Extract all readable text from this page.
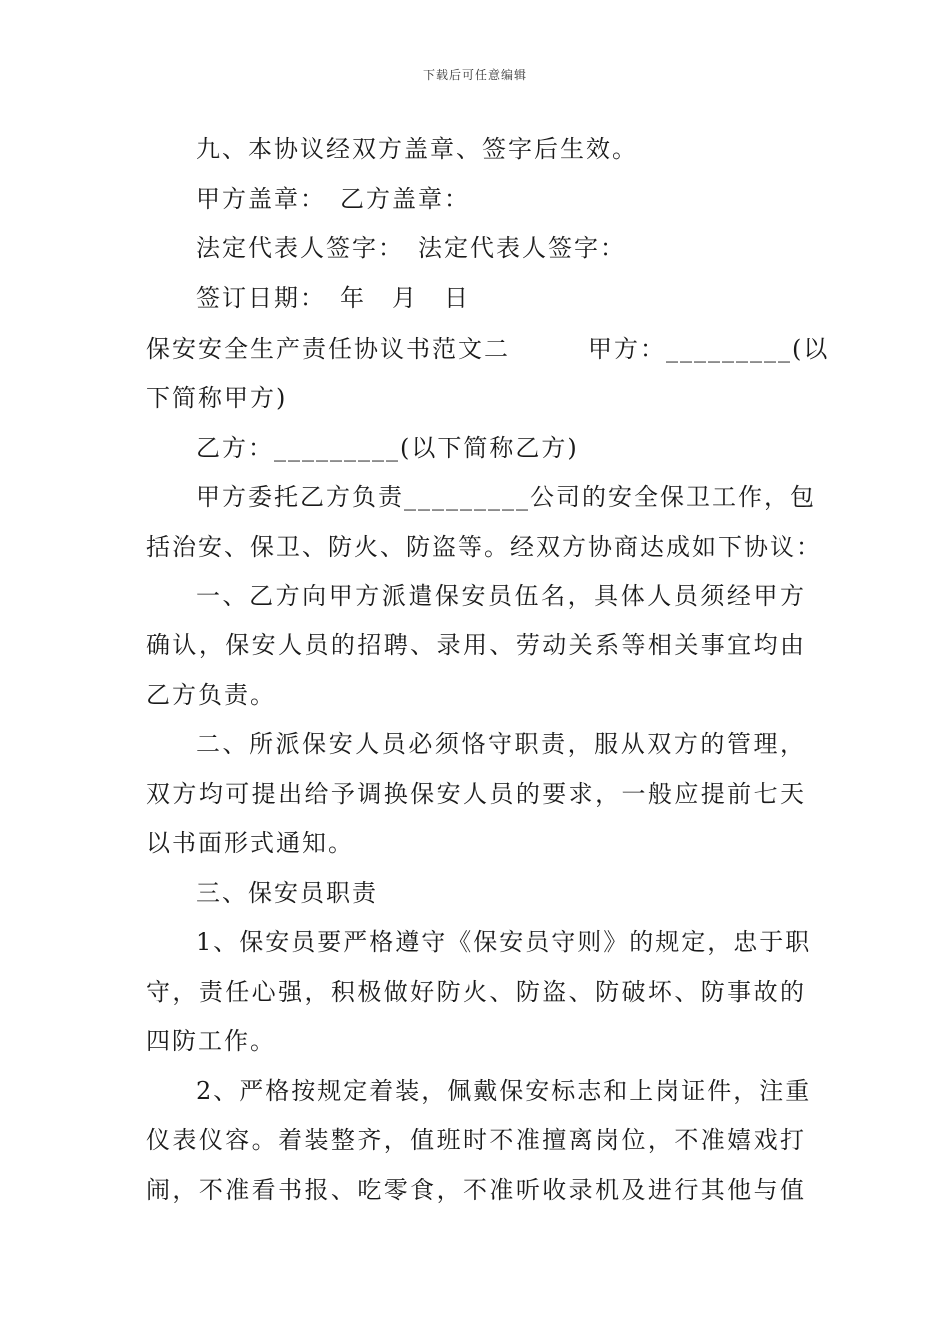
下载后可任意编辑
九、本协议经双方盖章、签字后生效。
甲方盖章：　乙方盖章：
法定代表人签字：　法定代表人签字：
签订日期：　年　月　日
保安安全生产责任协议书范文二　　　甲方：_________(以
下简称甲方)
乙方：_________(以下简称乙方)
甲方委托乙方负责_________公司的安全保卫工作，包
括治安、保卫、防火、防盗等。经双方协商达成如下协议：
一、乙方向甲方派遣保安员伍名，具体人员须经甲方
确认，保安人员的招聘、录用、劳动关系等相关事宜均由
乙方负责。
二、所派保安人员必须恪守职责，服从双方的管理，
双方均可提出给予调换保安人员的要求，一般应提前七天
以书面形式通知。
三、保安员职责
1、保安员要严格遵守《保安员守则》的规定，忠于职
守，责任心强，积极做好防火、防盗、防破坏、防事故的
四防工作。
2、严格按规定着装，佩戴保安标志和上岗证件，注重
仪表仪容。着装整齐，值班时不准擅离岗位，不准嬉戏打
闹，不准看书报、吃零食，不准听收录机及进行其他与值
